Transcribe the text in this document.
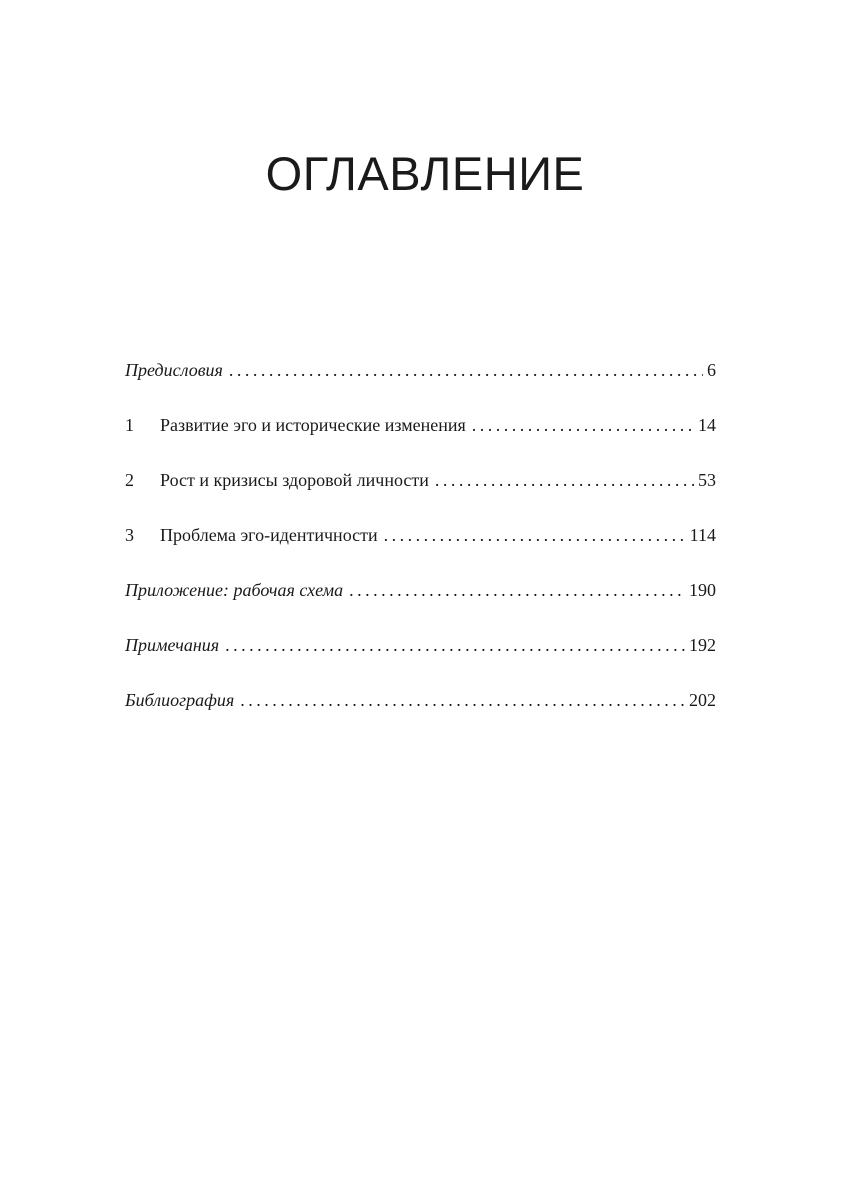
ОГЛАВЛЕНИЕ
Предисловия . . .	6
1	Развитие эго и исторические изменения . . .	14
2	Рост и кризисы здоровой личности . . .	53
3	Проблема эго-идентичности . . .	114
Приложение: рабочая схема . . .	190
Примечания . . .	192
Библиография . . .	202
